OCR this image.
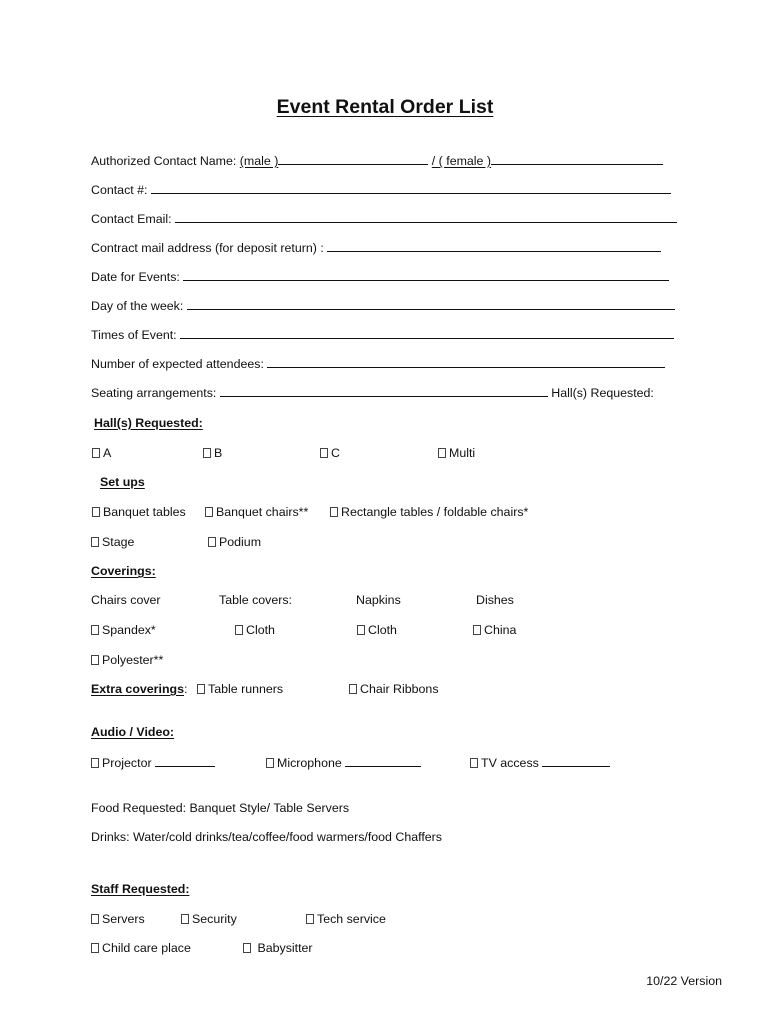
Event Rental Order List
Authorized Contact Name: (male )	/ ( female )
Contact #:
Contact Email:
Contract mail address (for deposit return) :
Date for Events:
Day of the week:
Times of Event:
Number of expected attendees:
Seating arrangements:	Hall(s) Requested:
Hall(s) Requested:
A	B	C	Multi
Set ups
Banquet tables	Banquet chairs**	Rectangle tables / foldable chairs*
Stage	Podium
Coverings:
Chairs cover	Table covers:	Napkins	Dishes
Spandex*	Cloth	Cloth	China
Polyester**
Extra coverings:	Table runners	Chair Ribbons
Audio / Video:
Projector	Microphone	TV access
Food Requested: Banquet Style/ Table Servers
Drinks: Water/cold drinks/tea/coffee/food warmers/food Chaffers
Staff Requested:
Servers	Security	Tech service
Child care place	Babysitter
10/22 Version
